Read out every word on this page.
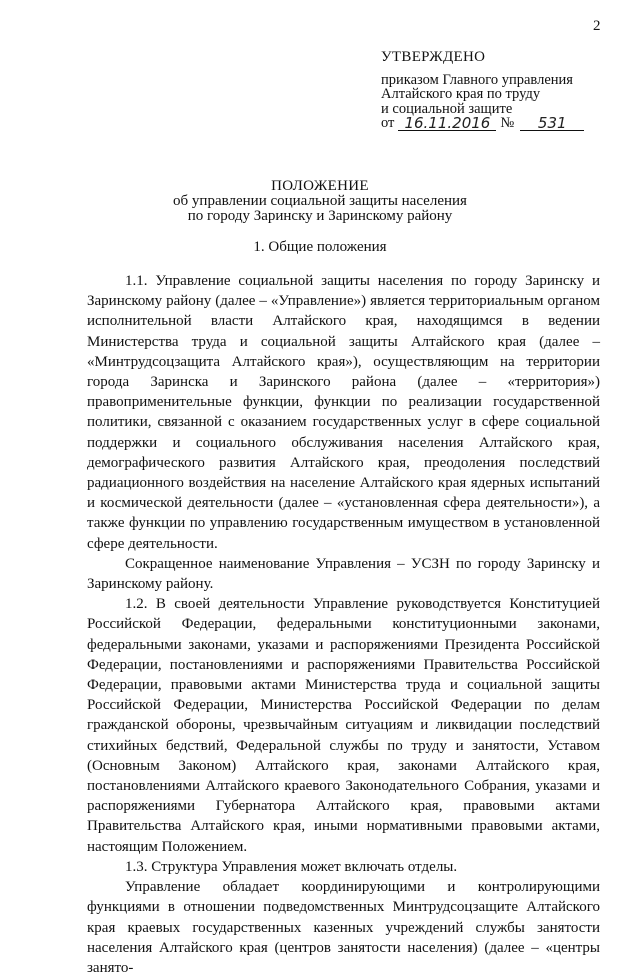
2
УТВЕРЖДЕНО
приказом Главного управления
Алтайского края по труду
и социальной защите
от 16.11.2016 №	531
ПОЛОЖЕНИЕ
об управлении социальной защиты населения
по городу Заринску и Заринскому району
1. Общие положения

1.1. Управление социальной защиты населения по городу Заринску и Заринскому району (далее – «Управление») является территориальным органом исполнительной власти Алтайского края, находящимся в ведении Министерства труда и социальной защиты Алтайского края (далее – «Минтрудсоцзащита Алтайского края»), осуществляющим на территории города Заринска и Заринского района (далее – «территория») правоприменительные функции, функции по реализации государственной политики, связанной с оказанием государственных услуг в сфере социальной поддержки и социального обслуживания населения Алтайского края, демографического развития Алтайского края, преодоления последствий радиационного воздействия на население Алтайского края ядерных испытаний и космической деятельности (далее – «установленная сфера деятельности»), а также функции по управлению государственным имуществом в установленной сфере деятельности.

Сокращенное наименование Управления – УСЗН по городу Заринску и Заринскому району.

1.2. В своей деятельности Управление руководствуется Конституцией Российской Федерации, федеральными конституционными законами, федеральными законами, указами и распоряжениями Президента Российской Федерации, постановлениями и распоряжениями Правительства Российской Федерации, правовыми актами Министерства труда и социальной защиты Российской Федерации, Министерства Российской Федерации по делам гражданской обороны, чрезвычайным ситуациям и ликвидации последствий стихийных бедствий, Федеральной службы по труду и занятости, Уставом (Основным Законом) Алтайского края, законами Алтайского края, постановлениями Алтайского краевого Законодательного Собрания, указами и распоряжениями Губернатора Алтайского края, правовыми актами Правительства Алтайского края, иными нормативными правовыми актами, настоящим Положением.

1.3. Структура Управления может включать отделы.

Управление обладает координирующими и контролирующими функциями в отношении подведомственных Минтрудсоцзащите Алтайского края краевых государственных казенных учреждений службы занятости населения Алтайского края (центров занятости населения) (далее – «центры занято-
